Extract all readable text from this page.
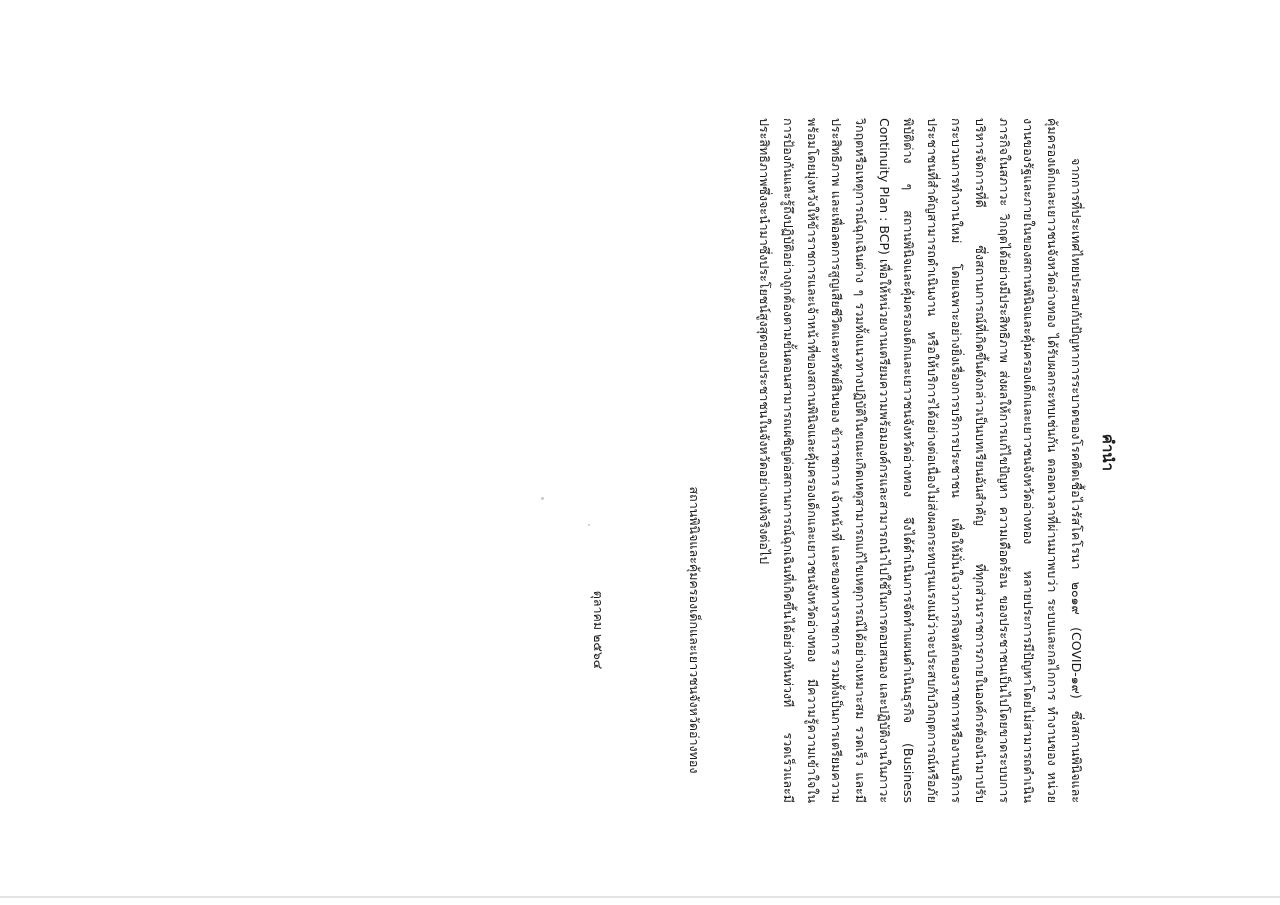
คำนำ

จากการที่ประเทศไทยประสบกับปัญหาการระบาดของโรคติดเชื้อไวรัสโคโรนา ๒๐๑๙ (COVID-๑๙) ซึ่งสถานพินิจและคุ้มครองเด็กและเยาวชนจังหวัดอ่างทอง ได้รับผลกระทบเช่นกัน ตลอดเวลาที่ผ่านมาพบว่า ระบบและกลไกการ ทำงานของ หน่วยงานของรัฐและภายในของสถานพินิจและคุ้มครองเด็กและเยาวชนจังหวัดอ่างทอง หลายประการมีปัญหาโดยไม่สามารถดำเนินภารกิจในสภาวะ วิกฤตได้อย่างมีประสิทธิภาพ ส่งผลให้การแก้ไขปัญหา ความเดือดร้อน ของประชาชนเป็นไปโดยขาดระบบการบริหารจัดการที่ดี ซึ่งสถานการณ์ที่เกิดขึ้นดังกล่าวเป็นบทเรียนอันสำคัญ ที่ทุกส่วนราชการภายในองค์กรต้องนำมาปรับ กระบวนการทำงานใหม่ โดยเฉพาะอย่างยิ่งเรื่องการบริการประชาชน เพื่อให้มั่นใจว่าภารกิจหลักของราชการหรืองานบริการประชาชนที่สำคัญสามารถดำเนินงาน หรือให้บริการได้อย่างต่อเนื่องไม่ส่งผลกระทบรุนแรงแม้ว่าจะประสบกับวิกฤตการณ์หรือภัยพิบัติต่าง ๆ สถานพินิจและคุ้มครองเด็กและเยาวชนจังหวัดอ่างทอง จึงได้ดำเนินการจัดทำแผนดำเนินธุรกิจ (Business Continuity Plan : BCP) เพื่อให้หน่วยงานเตรียมความพร้อมองค์กรและสามารถนำไปใช้ในการตอบสนอง และปฏิบัติงานในภาวะวิกฤตหรือเหตุการณ์ฉุกเฉินต่าง ๆ รวมทั้งแนวทางปฏิบัติในขณะเกิดเหตุสามารถแก้ไขเหตุการณ์ได้อย่างเหมาะสม รวดเร็ว และมีประสิทธิภาพ และเพื่อลดการสูญเสียชีวิตและทรัพย์สินของ ข้าราชการ เจ้าหน้าที่ และของทางราชการ รวมทั้งเป็นการเตรียมความพร้อมโดยมุ่งหวังให้ข้าราชการและเจ้าหน้าที่ของสถานพินิจและคุ้มครองเด็กและเยาวชนจังหวัดอ่างทอง มีความรู้ความเข้าใจในการป้องกันและรู้ถึงปฏิบัติอย่างถูกต้องตามขั้นตอนสามารถเผชิญต่อสถานการณ์ฉุกเฉินที่เกิดขึ้นได้อย่างทันท่วงที รวดเร็วและมีประสิทธิภาพซึ่งจะนำมาซึ่งประโยชน์สูงสุดของประชาชนในจังหวัดอย่างแท้จริงต่อไป

สถานพินิจและคุ้มครองเด็กและเยาวชนจังหวัดอ่างทอง
ตุลาคม ๒๕๖๔
